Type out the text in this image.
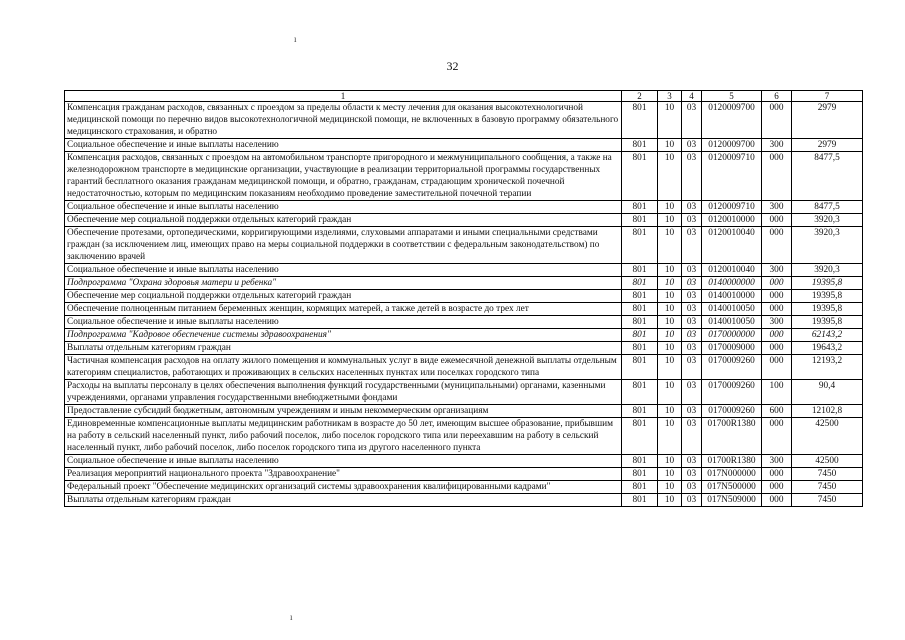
ı
32
1	2	3	4	5	6	7
Компенсация гражданам расходов, связанных с проездом за пределы области к месту лечения для оказания высокотехнологичной медицинской помощи по перечню видов высокотехнологичной медицинской помощи, не включенных в базовую программу обязательного медицинского страхования, и обратно	801	10	03	0120009700	000	2979
Социальное обеспечение и иные выплаты населению	801	10	03	0120009700	300	2979
Компенсация расходов, связанных с проездом на автомобильном транспорте пригородного и межмуниципального сообщения, а также на железнодорожном транспорте в медицинские организации, участвующие в реализации территориальной программы государственных гарантий бесплатного оказания гражданам медицинской помощи, и обратно, гражданам, страдающим хронической почечной недостаточностью, которым по медицинским показаниям необходимо проведение заместительной почечной терапии	801	10	03	0120009710	000	8477,5
Социальное обеспечение и иные выплаты населению	801	10	03	0120009710	300	8477,5
Обеспечение мер социальной поддержки отдельных категорий граждан	801	10	03	0120010000	000	3920,3
Обеспечение протезами, ортопедическими, корригирующими изделиями, слуховыми аппаратами и иными специальными средствами граждан (за исключением лиц, имеющих право на меры социальной поддержки в соответствии с федеральным законодательством) по заключению врачей	801	10	03	0120010040	000	3920,3
Социальное обеспечение и иные выплаты населению	801	10	03	0120010040	300	3920,3
Подпрограмма "Охрана здоровья матери и ребенка"	801	10	03	0140000000	000	19395,8
Обеспечение мер социальной поддержки отдельных категорий граждан	801	10	03	0140010000	000	19395,8
Обеспечение полноценным питанием беременных женщин, кормящих матерей, а также детей в возрасте до трех лет	801	10	03	0140010050	000	19395,8
Социальное обеспечение и иные выплаты населению	801	10	03	0140010050	300	19395,8
Подпрограмма "Кадровое обеспечение системы здравоохранения"	801	10	03	0170000000	000	62143,2
Выплаты отдельным категориям граждан	801	10	03	0170009000	000	19643,2
Частичная компенсация расходов на оплату жилого помещения и коммунальных услуг в виде ежемесячной денежной выплаты отдельным категориям специалистов, работающих и проживающих в сельских населенных пунктах или поселках городского типа	801	10	03	0170009260	000	12193,2
Расходы на выплаты персоналу в целях обеспечения выполнения функций государственными (муниципальными) органами, казенными учреждениями, органами управления государственными внебюджетными фондами	801	10	03	0170009260	100	90,4
Предоставление субсидий бюджетным, автономным учреждениям и иным некоммерческим организациям	801	10	03	0170009260	600	12102,8
Единовременные компенсационные выплаты медицинским работникам в возрасте до 50 лет, имеющим высшее образование, прибывшим на работу в сельский населенный пункт, либо рабочий поселок, либо поселок городского типа или переехавшим на работу в сельский населенный пункт, либо рабочий поселок, либо поселок городского типа из другого населенного пункта	801	10	03	01700R1380	000	42500
Социальное обеспечение и иные выплаты населению	801	10	03	01700R1380	300	42500
Реализация мероприятий национального проекта "Здравоохранение"	801	10	03	017N000000	000	7450
Федеральный проект "Обеспечение медицинских организаций системы здравоохранения квалифицированными кадрами"	801	10	03	017N500000	000	7450
Выплаты отдельным категориям граждан	801	10	03	017N509000	000	7450
ı
